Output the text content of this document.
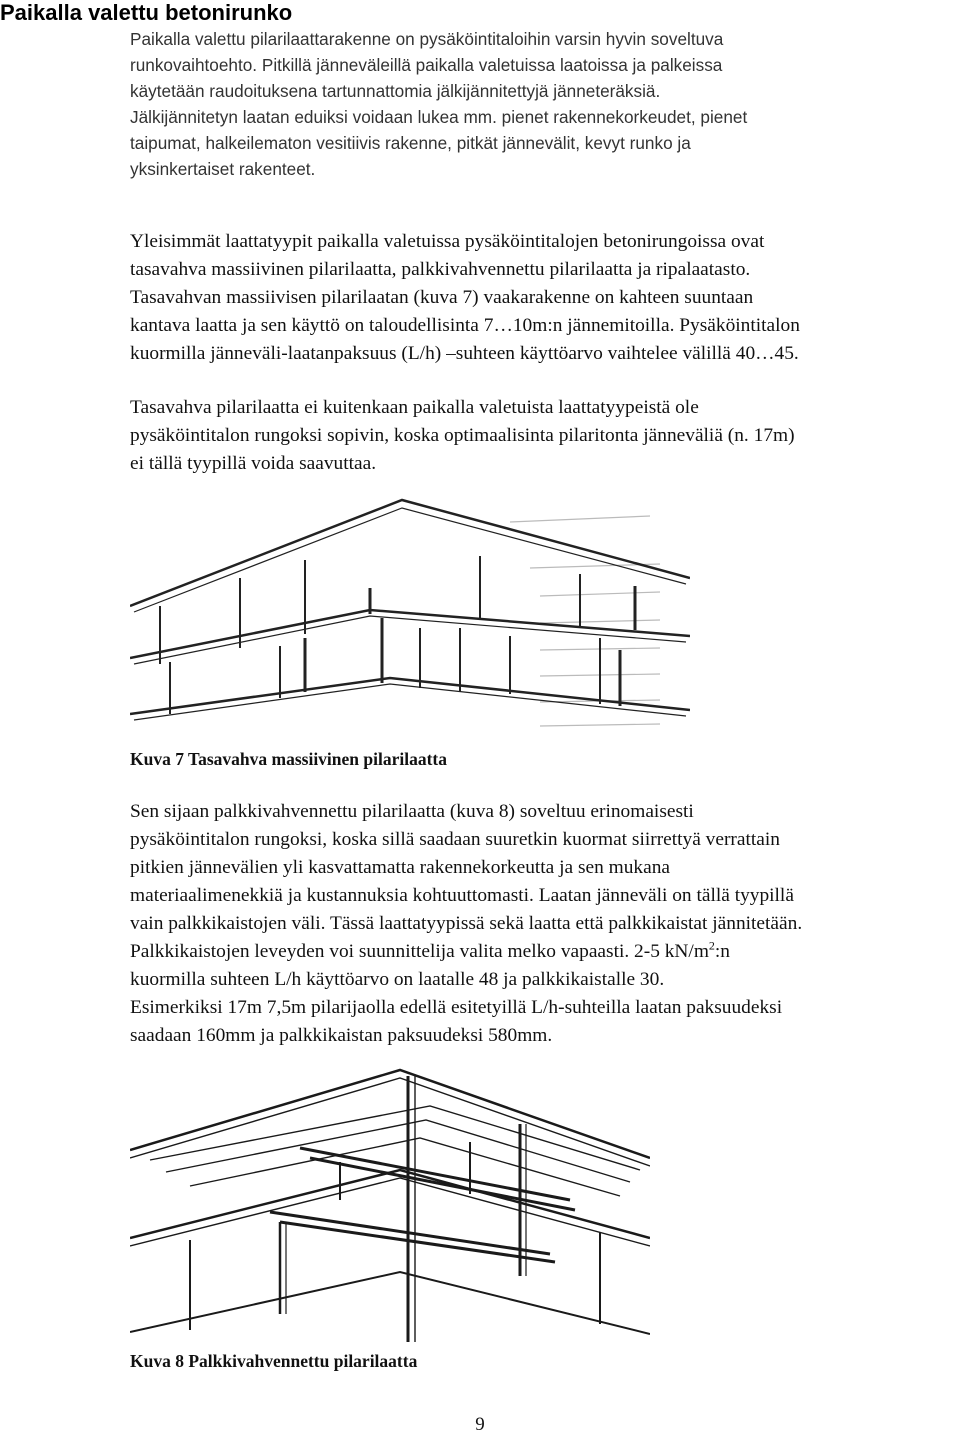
Paikalla valettu betonirunko
Paikalla valettu pilarilaattarakenne on pysäköintitaloihin varsin hyvin soveltuva
runkovaihtoehto. Pitkillä jänneväleillä paikalla valetuissa laatoissa ja palkeissa
käytetään raudoituksena tartunnattomia jälkijännitettyjä jänneteräksiä.
Jälkijännitetyn laatan eduiksi voidaan lukea mm. pienet rakennekorkeudet, pienet
taipumat, halkeilematon vesitiivis rakenne, pitkät jännevälit, kevyt runko ja
yksinkertaiset rakenteet.
Yleisimmät laattatyypit paikalla valetuissa pysäköintitalojen betonirungoissa ovat
tasavahva massiivinen pilarilaatta, palkkivahvennettu pilarilaatta ja ripalaatasto.
Tasavahvan massiivisen pilarilaatan (kuva 7) vaakarakenne on kahteen suuntaan
kantava laatta ja sen käyttö on taloudellisinta 7…10m:n jännemitoilla. Pysäköintitalon
kuormilla jänneväli-laatanpaksuus (L/h) –suhteen käyttöarvo vaihtelee välillä 40…45.
Tasavahva pilarilaatta ei kuitenkaan paikalla valetuista laattatyypeistä ole
pysäköintitalon rungoksi sopivin, koska optimaalisinta pilaritonta jänneväliä (n. 17m)
ei tällä tyypillä voida saavuttaa.
Kuva 7 Tasavahva massiivinen pilarilaatta
Sen sijaan palkkivahvennettu pilarilaatta (kuva 8) soveltuu erinomaisesti
pysäköintitalon rungoksi, koska sillä saadaan suuretkin kuormat siirrettyä verrattain
pitkien jännevälien yli kasvattamatta rakennekorkeutta ja sen mukana
materiaalimenekkiä ja kustannuksia kohtuuttomasti. Laatan jänneväli on tällä tyypillä
vain palkkikaistojen väli. Tässä laattatyypissä sekä laatta että palkkikaistat jännitetään.
Palkkikaistojen leveyden voi suunnittelija valita melko vapaasti. 2-5 $kN/m^2:n$
kuormilla suhteen L/h käyttöarvo on laatalle 48 ja palkkikaistalle 30.
Esimerkiksi 17m 7,5m pilarijaolla edellä esitetyillä L/h-suhteilla laatan paksuudeksi
saadaan 160mm ja palkkikaistan paksuudeksi 580mm.
Kuva 8 Palkkivahvennettu pilarilaatta
9
